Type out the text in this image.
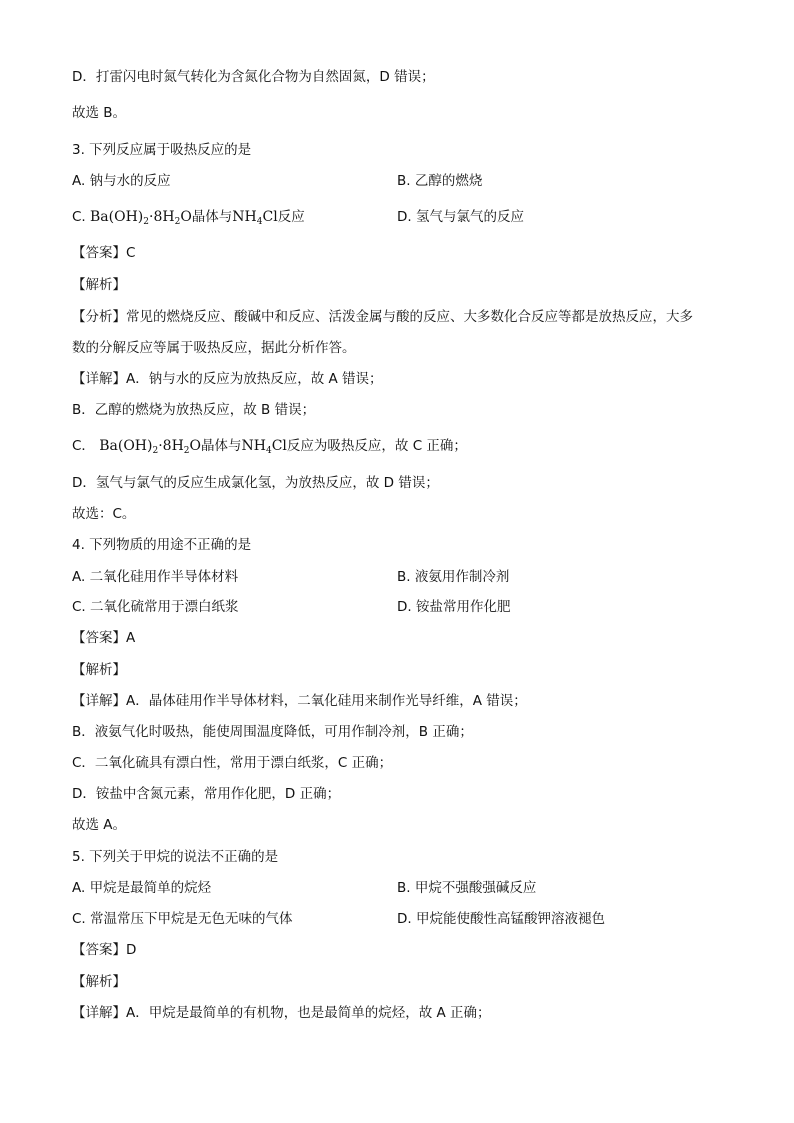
D．打雷闪电时氮气转化为含氮化合物为自然固氮，D 错误；
故选 B。
3. 下列反应属于吸热反应的是
A. 钠与水的反应	B. 乙醇的燃烧
C. $Ba(OH)_2\cdot 8H_2O$晶体与$NH_4Cl$反应	D. 氢气与氯气的反应
【答案】C
【解析】
【分析】常见的燃烧反应、酸碱中和反应、活泼金属与酸的反应、大多数化合反应等都是放热反应，大多
数的分解反应等属于吸热反应，据此分析作答。
【详解】A．钠与水的反应为放热反应，故 A 错误；
B．乙醇的燃烧为放热反应，故 B 错误；
C． $Ba(OH)_2\cdot 8H_2O$晶体与$NH_4Cl$反应为吸热反应，故 C 正确；
D．氢气与氯气的反应生成氯化氢，为放热反应，故 D 错误；
故选：C。
4. 下列物质的用途不正确的是
A. 二氧化硅用作半导体材料	B. 液氨用作制冷剂
C. 二氧化硫常用于漂白纸浆	D. 铵盐常用作化肥
【答案】A
【解析】
【详解】A．晶体硅用作半导体材料，二氧化硅用来制作光导纤维，A 错误；
B．液氨气化时吸热，能使周围温度降低，可用作制冷剂，B 正确；
C．二氧化硫具有漂白性，常用于漂白纸浆，C 正确；
D．铵盐中含氮元素，常用作化肥，D 正确；
故选 A。
5. 下列关于甲烷的说法不正确的是
A. 甲烷是最简单的烷烃	B. 甲烷不强酸强碱反应
C. 常温常压下甲烷是无色无味的气体	D. 甲烷能使酸性高锰酸钾溶液褪色
【答案】D
【解析】
【详解】A．甲烷是最简单的有机物，也是最简单的烷烃，故 A 正确；
